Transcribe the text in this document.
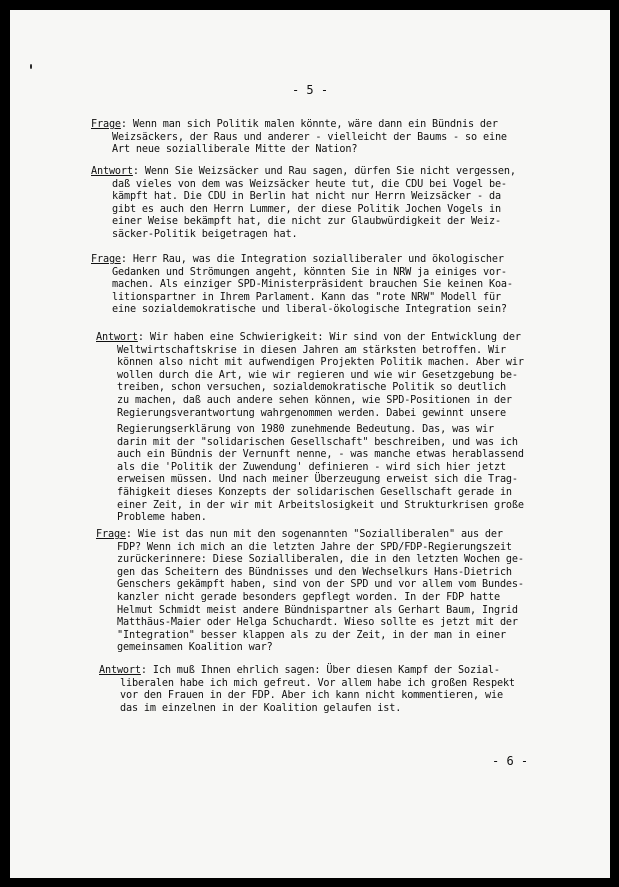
- 5 -
Frage: Wenn man sich Politik malen könnte, wäre dann ein Bündnis der
Weizsäckers, der Raus und anderer - vielleicht der Baums - so eine
Art neue sozialliberale Mitte der Nation?
Antwort: Wenn Sie Weizsäcker und Rau sagen, dürfen Sie nicht vergessen,
daß vieles von dem was Weizsäcker heute tut, die CDU bei Vogel be-
kämpft hat. Die CDU in Berlin hat nicht nur Herrn Weizsäcker - da
gibt es auch den Herrn Lummer, der diese Politik Jochen Vogels in
einer Weise bekämpft hat, die nicht zur Glaubwürdigkeit der Weiz-
säcker-Politik beigetragen hat.
Frage: Herr Rau, was die Integration sozialliberaler und ökologischer
Gedanken und Strömungen angeht, könnten Sie in NRW ja einiges vor-
machen. Als einziger SPD-Ministerpräsident brauchen Sie keinen Koa-
litionspartner in Ihrem Parlament. Kann das "rote NRW" Modell für
eine sozialdemokratische und liberal-ökologische Integration sein?
Antwort: Wir haben eine Schwierigkeit: Wir sind von der Entwicklung der
Weltwirtschaftskrise in diesen Jahren am stärksten betroffen. Wir
können also nicht mit aufwendigen Projekten Politik machen. Aber wir
wollen durch die Art, wie wir regieren und wie wir Gesetzgebung be-
treiben, schon versuchen, sozialdemokratische Politik so deutlich
zu machen, daß auch andere sehen können, wie SPD-Positionen in der
Regierungsverantwortung wahrgenommen werden. Dabei gewinnt unsere
Regierungserklärung von 1980 zunehmende Bedeutung. Das, was wir
darin mit der "solidarischen Gesellschaft" beschreiben, und was ich
auch ein Bündnis der Vernunft nenne, - was manche etwas herablassend
als die 'Politik der Zuwendung' definieren - wird sich hier jetzt
erweisen müssen. Und nach meiner Überzeugung erweist sich die Trag-
fähigkeit dieses Konzepts der solidarischen Gesellschaft gerade in
einer Zeit, in der wir mit Arbeitslosigkeit und Strukturkrisen große
Probleme haben.
Frage: Wie ist das nun mit den sogenannten "Sozialliberalen" aus der
FDP? Wenn ich mich an die letzten Jahre der SPD/FDP-Regierungszeit
zurückerinnere: Diese Sozialliberalen, die in den letzten Wochen ge-
gen das Scheitern des Bündnisses und den Wechselkurs Hans-Dietrich
Genschers gekämpft haben, sind von der SPD und vor allem vom Bundes-
kanzler nicht gerade besonders gepflegt worden. In der FDP hatte
Helmut Schmidt meist andere Bündnispartner als Gerhart Baum, Ingrid
Matthäus-Maier oder Helga Schuchardt. Wieso sollte es jetzt mit der
"Integration" besser klappen als zu der Zeit, in der man in einer
gemeinsamen Koalition war?
Antwort: Ich muß Ihnen ehrlich sagen: Über diesen Kampf der Sozial-
liberalen habe ich mich gefreut. Vor allem habe ich großen Respekt
vor den Frauen in der FDP. Aber ich kann nicht kommentieren, wie
das im einzelnen in der Koalition gelaufen ist.
- 6 -
